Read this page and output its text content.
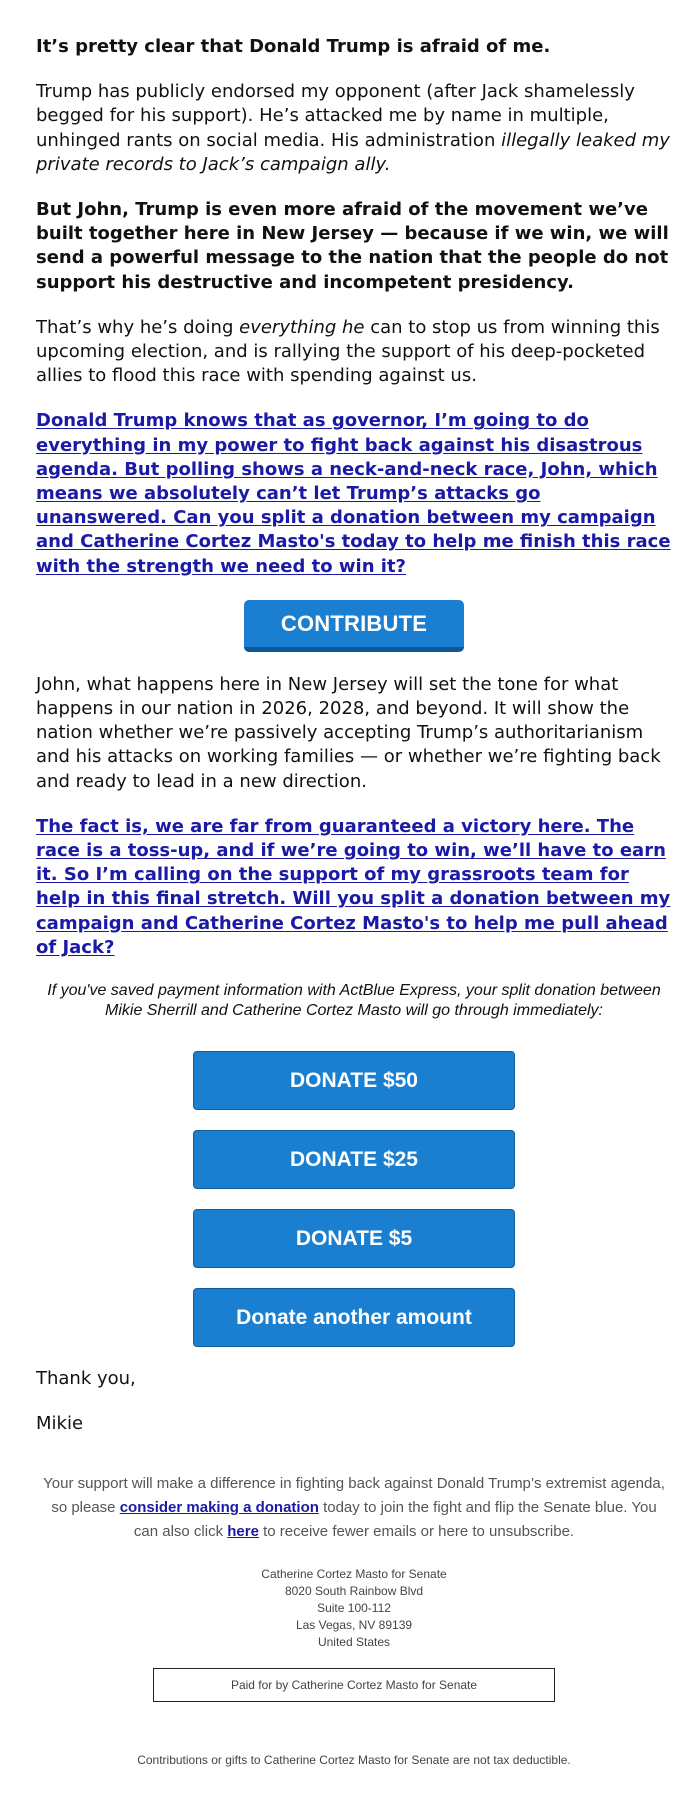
It’s pretty clear that Donald Trump is afraid of me.

Trump has publicly endorsed my opponent (after Jack shamelessly begged for his support). He’s attacked me by name in multiple, unhinged rants on social media. His administration illegally leaked my private records to Jack’s campaign ally.

But John, Trump is even more afraid of the movement we’ve built together here in New Jersey — because if we win, we will send a powerful message to the nation that the people do not support his destructive and incompetent presidency.

That’s why he’s doing everything he can to stop us from winning this upcoming election, and is rallying the support of his deep-pocketed allies to flood this race with spending against us.

Donald Trump knows that as governor, I’m going to do everything in my power to fight back against his disastrous agenda. But polling shows a neck-and-neck race, John, which means we absolutely can’t let Trump’s attacks go unanswered. Can you split a donation between my campaign and Catherine Cortez Masto's today to help me finish this race with the strength we need to win it?

CONTRIBUTE

John, what happens here in New Jersey will set the tone for what happens in our nation in 2026, 2028, and beyond. It will show the nation whether we’re passively accepting Trump’s authoritarianism and his attacks on working families — or whether we’re fighting back and ready to lead in a new direction.

The fact is, we are far from guaranteed a victory here. The race is a toss-up, and if we’re going to win, we’ll have to earn it. So I’m calling on the support of my grassroots team for help in this final stretch. Will you split a donation between my campaign and Catherine Cortez Masto's to help me pull ahead of Jack?

If you've saved payment information with ActBlue Express, your split donation between Mikie Sherrill and Catherine Cortez Masto will go through immediately:

DONATE $50
DONATE $25
DONATE $5
Donate another amount

Thank you,

Mikie

Your support will make a difference in fighting back against Donald Trump’s extremist agenda, so please consider making a donation today to join the fight and flip the Senate blue. You can also click here to receive fewer emails or here to unsubscribe.

Catherine Cortez Masto for Senate
8020 South Rainbow Blvd
Suite 100-112
Las Vegas, NV 89139
United States
Paid for by Catherine Cortez Masto for Senate

Contributions or gifts to Catherine Cortez Masto for Senate are not tax deductible.
